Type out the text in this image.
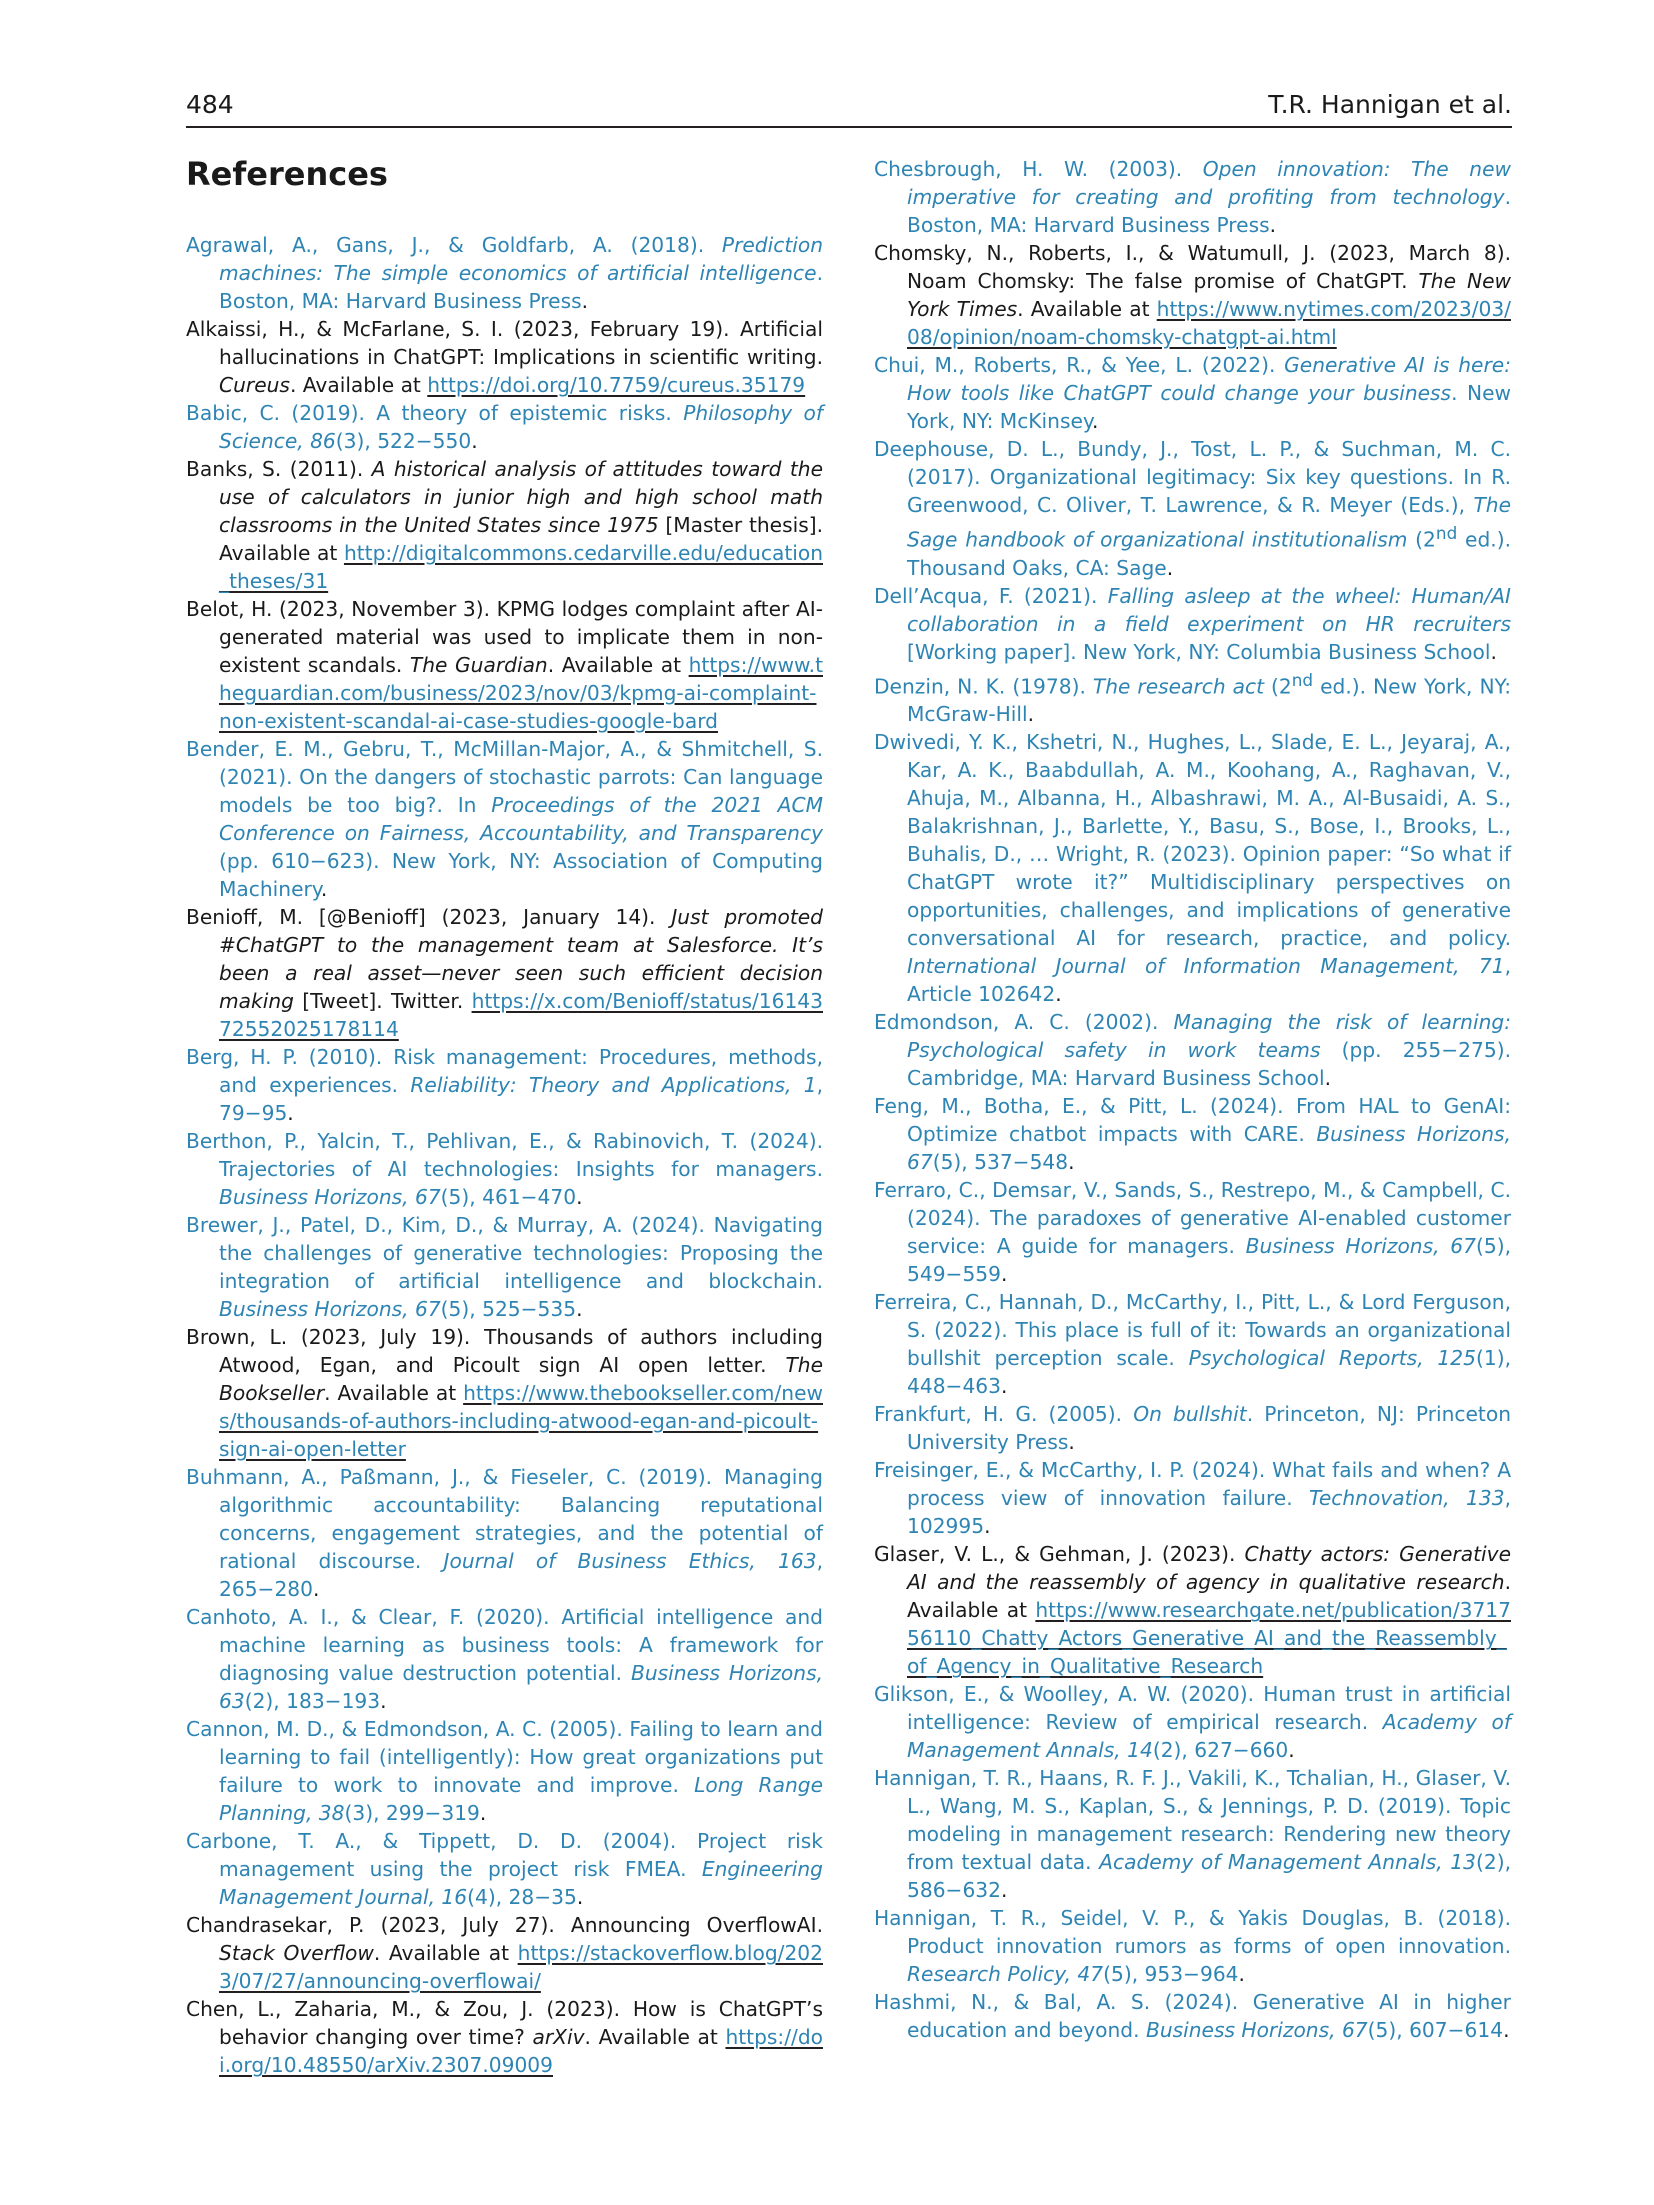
484	T.R. Hannigan et al.
References

Agrawal, A., Gans, J., & Goldfarb, A. (2018). Prediction machines: The simple economics of artificial intelligence. Boston, MA: Harvard Business Press.

Alkaissi, H., & McFarlane, S. I. (2023, February 19). Artificial hallucinations in ChatGPT: Implications in scientific writing. Cureus. Available at https://doi.org/10.7759/cureus.35179

Babic, C. (2019). A theory of epistemic risks. Philosophy of Science, 86(3), 522−550.

Banks, S. (2011). A historical analysis of attitudes toward the use of calculators in junior high and high school math classrooms in the United States since 1975 [Master thesis]. Available at http://digitalcommons.cedarville.edu/education_theses/31

Belot, H. (2023, November 3). KPMG lodges complaint after AI-generated material was used to implicate them in non-existent scandals. The Guardian. Available at https://www.theguardian.com/business/2023/nov/03/kpmg-ai-complaint-non-existent-scandal-ai-case-studies-google-bard

Bender, E. M., Gebru, T., McMillan-Major, A., & Shmitchell, S. (2021). On the dangers of stochastic parrots: Can language models be too big?. In Proceedings of the 2021 ACM Conference on Fairness, Accountability, and Transparency (pp. 610−623). New York, NY: Association of Computing Machinery.

Benioff, M. [@Benioff] (2023, January 14). Just promoted #ChatGPT to the management team at Salesforce. It’s been a real asset—never seen such efficient decision making [Tweet]. Twitter. https://x.com/Benioff/status/1614372552025178114

Berg, H. P. (2010). Risk management: Procedures, methods, and experiences. Reliability: Theory and Applications, 1, 79−95.

Berthon, P., Yalcin, T., Pehlivan, E., & Rabinovich, T. (2024). Trajectories of AI technologies: Insights for managers. Business Horizons, 67(5), 461−470.

Brewer, J., Patel, D., Kim, D., & Murray, A. (2024). Navigating the challenges of generative technologies: Proposing the integration of artificial intelligence and blockchain. Business Horizons, 67(5), 525−535.

Brown, L. (2023, July 19). Thousands of authors including Atwood, Egan, and Picoult sign AI open letter. The Bookseller. Available at https://www.thebookseller.com/news/thousands-of-authors-including-atwood-egan-and-picoult-sign-ai-open-letter

Buhmann, A., Paßmann, J., & Fieseler, C. (2019). Managing algorithmic accountability: Balancing reputational concerns, engagement strategies, and the potential of rational discourse. Journal of Business Ethics, 163, 265−280.

Canhoto, A. I., & Clear, F. (2020). Artificial intelligence and machine learning as business tools: A framework for diagnosing value destruction potential. Business Horizons, 63(2), 183−193.

Cannon, M. D., & Edmondson, A. C. (2005). Failing to learn and learning to fail (intelligently): How great organizations put failure to work to innovate and improve. Long Range Planning, 38(3), 299−319.

Carbone, T. A., & Tippett, D. D. (2004). Project risk management using the project risk FMEA. Engineering Management Journal, 16(4), 28−35.

Chandrasekar, P. (2023, July 27). Announcing OverflowAI. Stack Overflow. Available at https://stackoverflow.blog/2023/07/27/announcing-overflowai/

Chen, L., Zaharia, M., & Zou, J. (2023). How is ChatGPT’s behavior changing over time? arXiv. Available at https://doi.org/10.48550/arXiv.2307.09009

Chesbrough, H. W. (2003). Open innovation: The new imperative for creating and profiting from technology. Boston, MA: Harvard Business Press.

Chomsky, N., Roberts, I., & Watumull, J. (2023, March 8). Noam Chomsky: The false promise of ChatGPT. The New York Times. Available at https://www.nytimes.com/2023/03/08/opinion/noam-chomsky-chatgpt-ai.html

Chui, M., Roberts, R., & Yee, L. (2022). Generative AI is here: How tools like ChatGPT could change your business. New York, NY: McKinsey.

Deephouse, D. L., Bundy, J., Tost, L. P., & Suchman, M. C. (2017). Organizational legitimacy: Six key questions. In R. Greenwood, C. Oliver, T. Lawrence, & R. Meyer (Eds.), The Sage handbook of organizational institutionalism (2nd ed.). Thousand Oaks, CA: Sage.

Dell’Acqua, F. (2021). Falling asleep at the wheel: Human/AI collaboration in a field experiment on HR recruiters [Working paper]. New York, NY: Columbia Business School.

Denzin, N. K. (1978). The research act (2nd ed.). New York, NY: McGraw-Hill.

Dwivedi, Y. K., Kshetri, N., Hughes, L., Slade, E. L., Jeyaraj, A., Kar, A. K., Baabdullah, A. M., Koohang, A., Raghavan, V., Ahuja, M., Albanna, H., Albashrawi, M. A., Al-Busaidi, A. S., Balakrishnan, J., Barlette, Y., Basu, S., Bose, I., Brooks, L., Buhalis, D., … Wright, R. (2023). Opinion paper: “So what if ChatGPT wrote it?” Multidisciplinary perspectives on opportunities, challenges, and implications of generative conversational AI for research, practice, and policy. International Journal of Information Management, 71, Article 102642.

Edmondson, A. C. (2002). Managing the risk of learning: Psychological safety in work teams (pp. 255−275). Cambridge, MA: Harvard Business School.

Feng, M., Botha, E., & Pitt, L. (2024). From HAL to GenAI: Optimize chatbot impacts with CARE. Business Horizons, 67(5), 537−548.

Ferraro, C., Demsar, V., Sands, S., Restrepo, M., & Campbell, C. (2024). The paradoxes of generative AI-enabled customer service: A guide for managers. Business Horizons, 67(5), 549−559.

Ferreira, C., Hannah, D., McCarthy, I., Pitt, L., & Lord Ferguson, S. (2022). This place is full of it: Towards an organizational bullshit perception scale. Psychological Reports, 125(1), 448−463.

Frankfurt, H. G. (2005). On bullshit. Princeton, NJ: Princeton University Press.

Freisinger, E., & McCarthy, I. P. (2024). What fails and when? A process view of innovation failure. Technovation, 133, 102995.

Glaser, V. L., & Gehman, J. (2023). Chatty actors: Generative AI and the reassembly of agency in qualitative research. Available at https://www.researchgate.net/publication/371756110_Chatty_Actors_Generative_AI_and_the_Reassembly_of_Agency_in_Qualitative_Research

Glikson, E., & Woolley, A. W. (2020). Human trust in artificial intelligence: Review of empirical research. Academy of Management Annals, 14(2), 627−660.

Hannigan, T. R., Haans, R. F. J., Vakili, K., Tchalian, H., Glaser, V. L., Wang, M. S., Kaplan, S., & Jennings, P. D. (2019). Topic modeling in management research: Rendering new theory from textual data. Academy of Management Annals, 13(2), 586−632.

Hannigan, T. R., Seidel, V. P., & Yakis Douglas, B. (2018). Product innovation rumors as forms of open innovation. Research Policy, 47(5), 953−964.

Hashmi, N., & Bal, A. S. (2024). Generative AI in higher education and beyond. Business Horizons, 67(5), 607−614.
